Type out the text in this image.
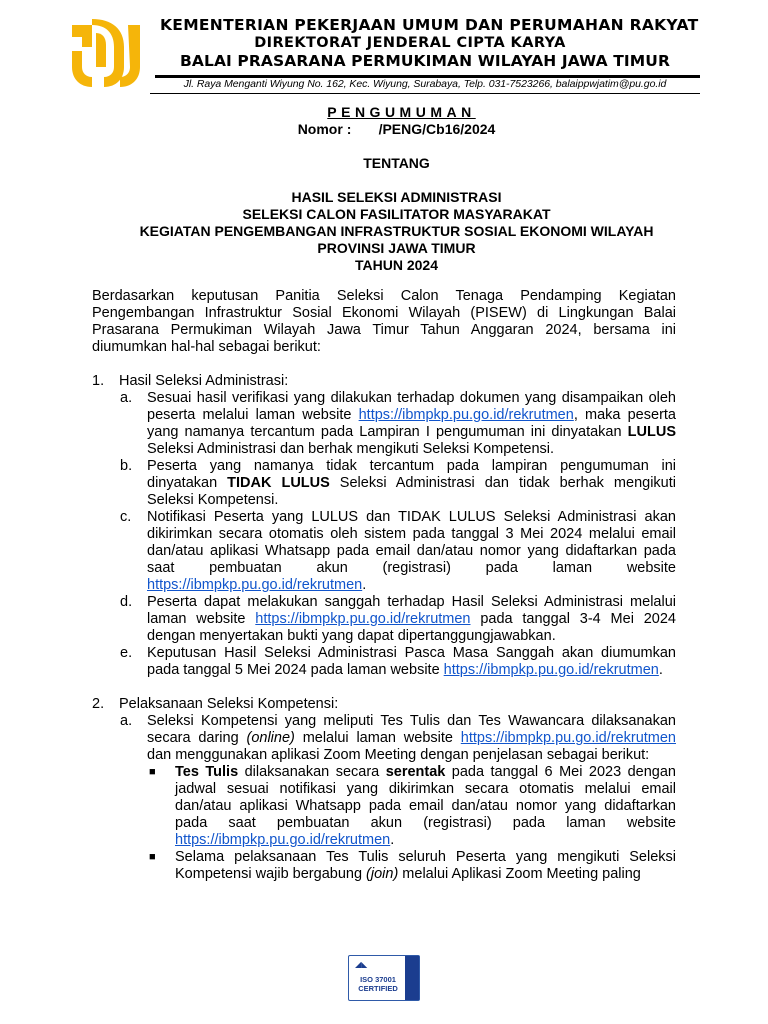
KEMENTERIAN PEKERJAAN UMUM DAN PERUMAHAN RAKYAT
DIREKTORAT JENDERAL CIPTA KARYA
BALAI PRASARANA PERMUKIMAN WILAYAH JAWA TIMUR
Jl. Raya Menganti Wiyung No. 162, Kec. Wiyung, Surabaya, Telp. 031-7523266, balaippwjatim@pu.go.id
PENGUMUMAN
Nomor :       /PENG/Cb16/2024
TENTANG
HASIL SELEKSI ADMINISTRASI
SELEKSI CALON FASILITATOR MASYARAKAT
KEGIATAN PENGEMBANGAN INFRASTRUKTUR SOSIAL EKONOMI WILAYAH
PROVINSI JAWA TIMUR
TAHUN 2024
Berdasarkan keputusan Panitia Seleksi Calon Tenaga Pendamping Kegiatan Pengembangan Infrastruktur Sosial Ekonomi Wilayah (PISEW) di Lingkungan Balai Prasarana Permukiman Wilayah Jawa Timur Tahun Anggaran 2024, bersama ini diumumkan hal-hal sebagai berikut:
1. Hasil Seleksi Administrasi:
a. Sesuai hasil verifikasi yang dilakukan terhadap dokumen yang disampaikan oleh peserta melalui laman website https://ibmpkp.pu.go.id/rekrutmen, maka peserta yang namanya tercantum pada Lampiran I pengumuman ini dinyatakan LULUS Seleksi Administrasi dan berhak mengikuti Seleksi Kompetensi.
b. Peserta yang namanya tidak tercantum pada lampiran pengumuman ini dinyatakan TIDAK LULUS Seleksi Administrasi dan tidak berhak mengikuti Seleksi Kompetensi.
c. Notifikasi Peserta yang LULUS dan TIDAK LULUS Seleksi Administrasi akan dikirimkan secara otomatis oleh sistem pada tanggal 3 Mei 2024 melalui email dan/atau aplikasi Whatsapp pada email dan/atau nomor yang didaftarkan pada saat pembuatan akun (registrasi) pada laman website https://ibmpkp.pu.go.id/rekrutmen.
d. Peserta dapat melakukan sanggah terhadap Hasil Seleksi Administrasi melalui laman website https://ibmpkp.pu.go.id/rekrutmen pada tanggal 3-4 Mei 2024 dengan menyertakan bukti yang dapat dipertanggungjawabkan.
e. Keputusan Hasil Seleksi Administrasi Pasca Masa Sanggah akan diumumkan pada tanggal 5 Mei 2024 pada laman website https://ibmpkp.pu.go.id/rekrutmen.
2. Pelaksanaan Seleksi Kompetensi:
a. Seleksi Kompetensi yang meliputi Tes Tulis dan Tes Wawancara dilaksanakan secara daring (online) melalui laman website https://ibmpkp.pu.go.id/rekrutmen dan menggunakan aplikasi Zoom Meeting dengan penjelasan sebagai berikut:
■ Tes Tulis dilaksanakan secara serentak pada tanggal 6 Mei 2023 dengan jadwal sesuai notifikasi yang dikirimkan secara otomatis melalui email dan/atau aplikasi Whatsapp pada email dan/atau nomor yang didaftarkan pada saat pembuatan akun (registrasi) pada laman website https://ibmpkp.pu.go.id/rekrutmen.
■ Selama pelaksanaan Tes Tulis seluruh Peserta yang mengikuti Seleksi Kompetensi wajib bergabung (join) melalui Aplikasi Zoom Meeting paling
◢◣
ISO 37001
CERTIFIED
